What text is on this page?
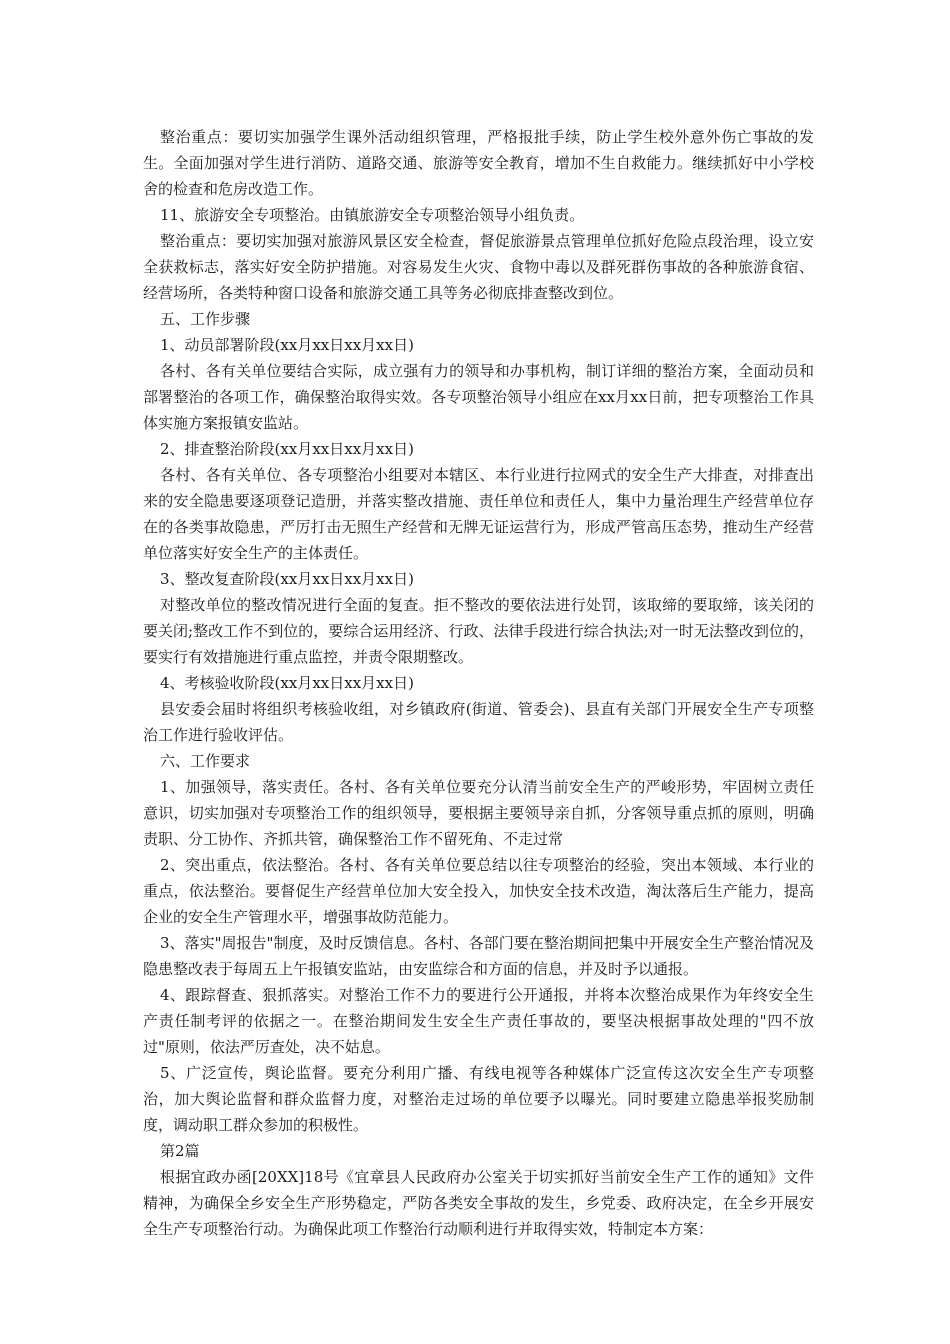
整治重点：要切实加强学生课外活动组织管理，严格报批手续，防止学生校外意外伤亡事故的发生。全面加强对学生进行消防、道路交通、旅游等安全教育，增加不生自救能力。继续抓好中小学校舍的检查和危房改造工作。

11、旅游安全专项整治。由镇旅游安全专项整治领导小组负责。

整治重点：要切实加强对旅游风景区安全检查，督促旅游景点管理单位抓好危险点段治理，设立安全获救标志，落实好安全防护措施。对容易发生火灾、食物中毒以及群死群伤事故的各种旅游食宿、经营场所，各类特种窗口设备和旅游交通工具等务必彻底排查整改到位。

五、工作步骤

1、动员部署阶段(xx月xx日xx月xx日)

各村、各有关单位要结合实际，成立强有力的领导和办事机构，制订详细的整治方案，全面动员和部署整治的各项工作，确保整治取得实效。各专项整治领导小组应在xx月xx日前，把专项整治工作具体实施方案报镇安监站。

2、排查整治阶段(xx月xx日xx月xx日)

各村、各有关单位、各专项整治小组要对本辖区、本行业进行拉网式的安全生产大排查，对排查出来的安全隐患要逐项登记造册，并落实整改措施、责任单位和责任人，集中力量治理生产经营单位存在的各类事故隐患，严厉打击无照生产经营和无牌无证运营行为，形成严管高压态势，推动生产经营单位落实好安全生产的主体责任。

3、整改复查阶段(xx月xx日xx月xx日)

对整改单位的整改情况进行全面的复查。拒不整改的要依法进行处罚，该取缔的要取缔，该关闭的要关闭;整改工作不到位的，要综合运用经济、行政、法律手段进行综合执法;对一时无法整改到位的，要实行有效措施进行重点监控，并责令限期整改。

4、考核验收阶段(xx月xx日xx月xx日)

县安委会届时将组织考核验收组，对乡镇政府(街道、管委会)、县直有关部门开展安全生产专项整治工作进行验收评估。

六、工作要求

1、加强领导，落实责任。各村、各有关单位要充分认清当前安全生产的严峻形势，牢固树立责任意识，切实加强对专项整治工作的组织领导，要根据主要领导亲自抓，分客领导重点抓的原则，明确责职、分工协作、齐抓共管，确保整治工作不留死角、不走过常

2、突出重点，依法整治。各村、各有关单位要总结以往专项整治的经验，突出本领域、本行业的重点，依法整治。要督促生产经营单位加大安全投入，加快安全技术改造，淘汰落后生产能力，提高企业的安全生产管理水平，增强事故防范能力。

3、落实"周报告"制度，及时反馈信息。各村、各部门要在整治期间把集中开展安全生产整治情况及隐患整改表于每周五上午报镇安监站，由安监综合和方面的信息，并及时予以通报。

4、跟踪督查、狠抓落实。对整治工作不力的要进行公开通报，并将本次整治成果作为年终安全生产责任制考评的依据之一。在整治期间发生安全生产责任事故的，要坚决根据事故处理的"四不放过"原则，依法严厉查处，决不姑息。

5、广泛宣传，舆论监督。要充分利用广播、有线电视等各种媒体广泛宣传这次安全生产专项整治，加大舆论监督和群众监督力度，对整治走过场的单位要予以曝光。同时要建立隐患举报奖励制度，调动职工群众参加的积极性。

第2篇

根据宜政办函[20XX]18号《宜章县人民政府办公室关于切实抓好当前安全生产工作的通知》文件精神，为确保全乡安全生产形势稳定，严防各类安全事故的发生，乡党委、政府决定，在全乡开展安全生产专项整治行动。为确保此项工作整治行动顺利进行并取得实效，特制定本方案：
